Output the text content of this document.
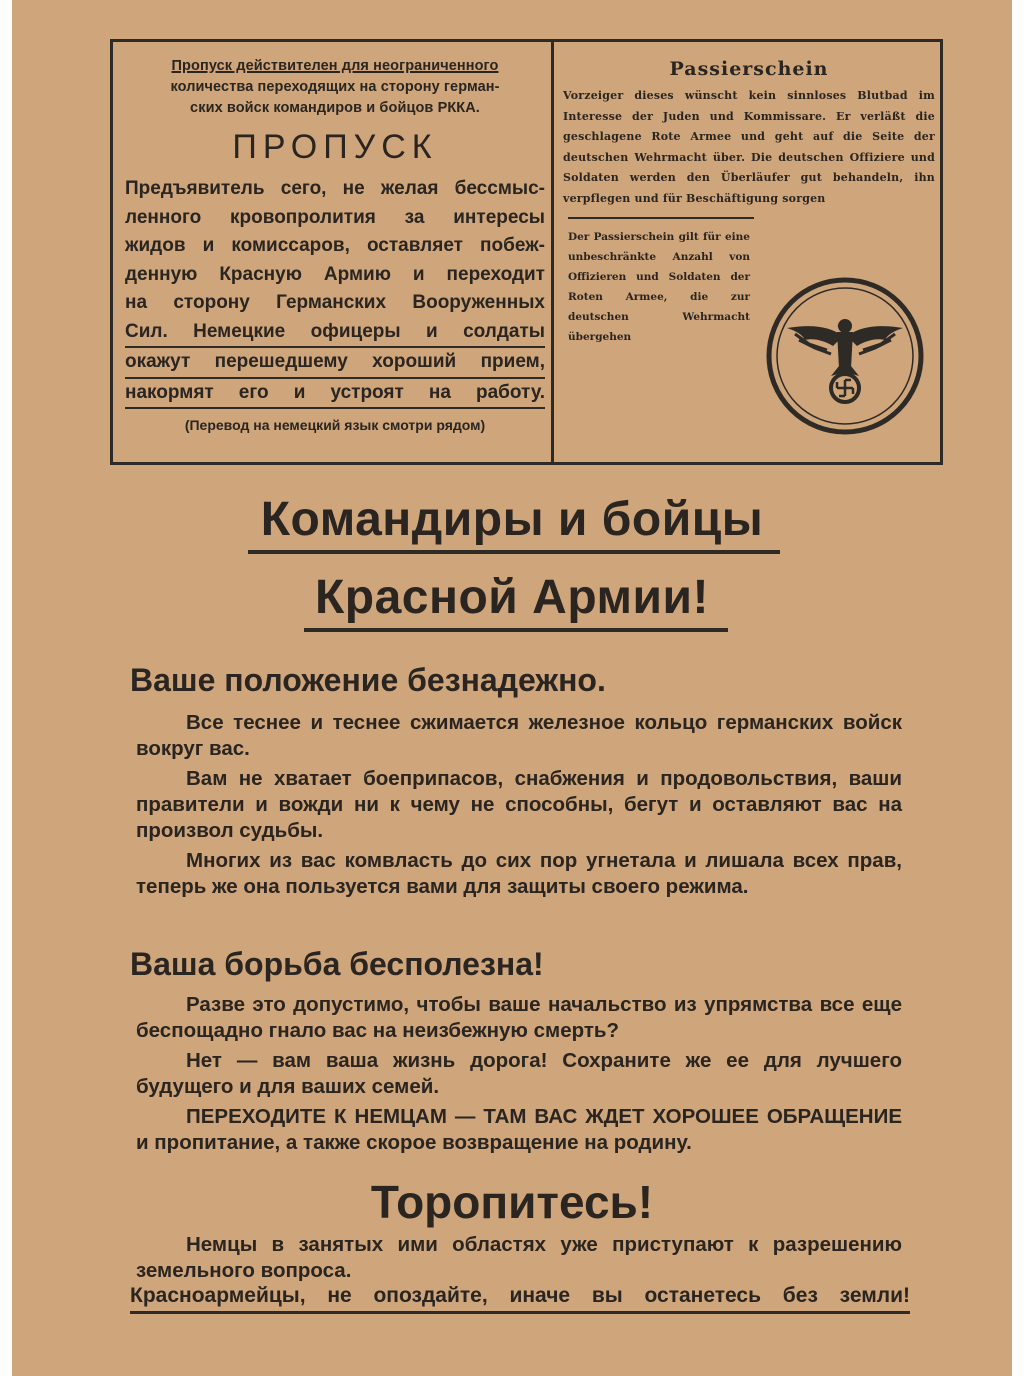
Пропуск действителен для неограниченного
количества переходящих на сторону герман-
ских войск командиров и бойцов РККА.
ПРОПУСК
Предъявитель сего, не желая бессмыс-
ленного кровопролития за интересы
жидов и комиссаров, оставляет побеж-
денную Красную Армию и переходит
на сторону Германских Вооруженных
Сил. Немецкие офицеры и солдаты
окажут перешедшему хороший прием,
накормят его и устроят на работу.
(Перевод на немецкий язык смотри рядом)
Passierschein
Vorzeiger dieses wünscht kein sinnloses Blutbad im Interesse der Juden und Kommissare. Er verläßt die geschlagene Rote Armee und geht auf die Seite der deutschen Wehrmacht über. Die deutschen Offiziere und Soldaten werden den Überläufer gut behandeln, ihn verpflegen und für Beschäftigung sorgen
Der Passierschein gilt für eine unbeschränkte Anzahl von Offizieren und Soldaten der Roten Armee, die zur deutschen Wehrmacht übergehen
Командиры и бойцы
Красной Армии!
Ваше положение безнадежно.
Все теснее и теснее сжимается железное кольцо германских войск вокруг вас.
Вам не хватает боеприпасов, снабжения и продовольствия, ваши правители и вожди ни к чему не способны, бегут и оставляют вас на произвол судьбы.
Многих из вас комвласть до сих пор угнетала и лишала всех прав, теперь же она пользуется вами для защиты своего режима.
Ваша борьба бесполезна!
Разве это допустимо, чтобы ваше начальство из упрямства все еще беспощадно гнало вас на неизбежную смерть?
Нет — вам ваша жизнь дорога! Сохраните же ее для лучшего будущего и для ваших семей.
ПЕРЕХОДИТЕ К НЕМЦАМ — ТАМ ВАС ЖДЕТ ХОРОШЕЕ ОБРАЩЕНИЕ и пропитание, а также скорое возвращение на родину.
Торопитесь!
Немцы в занятых ими областях уже приступают к разрешению земельного вопроса.
Красноармейцы, не опоздайте, иначе вы останетесь без земли!
